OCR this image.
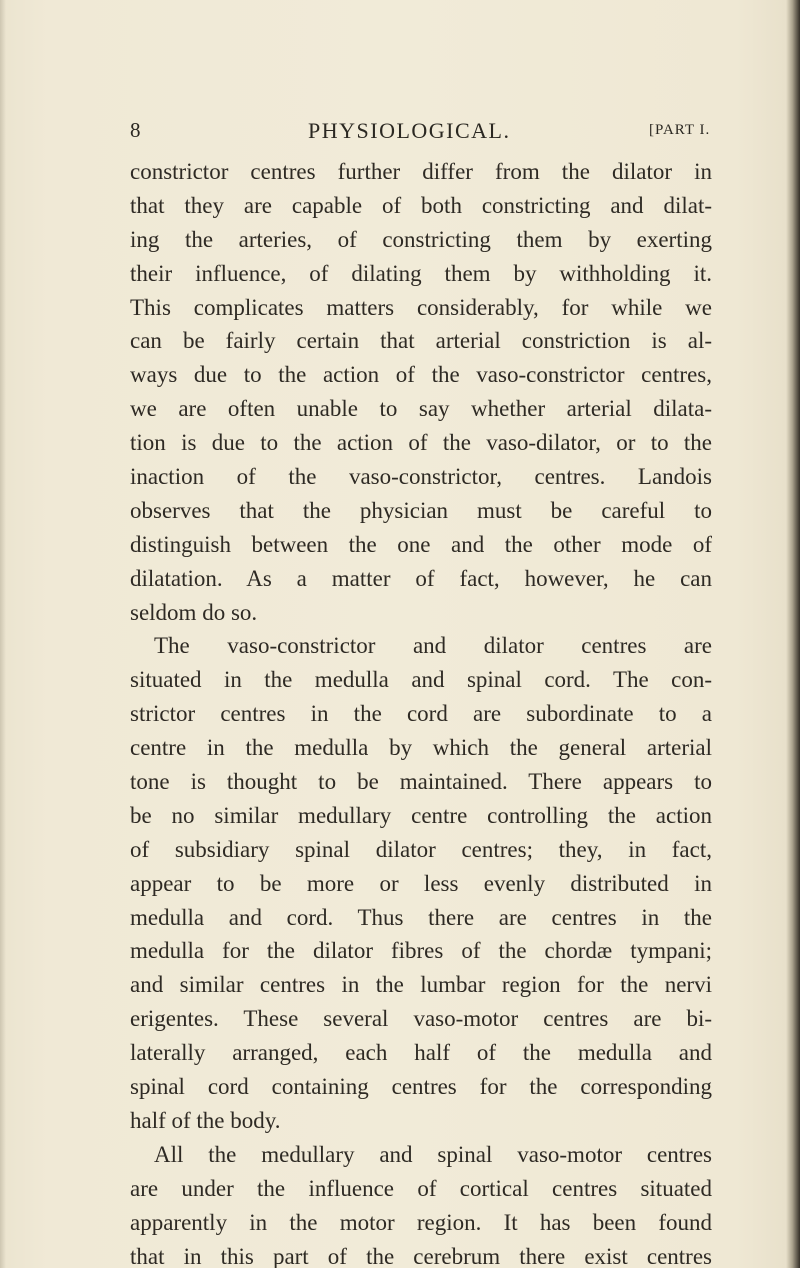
8	PHYSIOLOGICAL.	[PART I.
constrictor centres further differ from the dilator in
that they are capable of both constricting and dilat-
ing the arteries, of constricting them by exerting
their influence, of dilating them by withholding it.
This complicates matters considerably, for while we
can be fairly certain that arterial constriction is al-
ways due to the action of the vaso-constrictor centres,
we are often unable to say whether arterial dilata-
tion is due to the action of the vaso-dilator, or to the
inaction of the vaso-constrictor, centres. Landois
observes that the physician must be careful to
distinguish between the one and the other mode of
dilatation. As a matter of fact, however, he can
seldom do so.
The vaso-constrictor and dilator centres are
situated in the medulla and spinal cord. The con-
strictor centres in the cord are subordinate to a
centre in the medulla by which the general arterial
tone is thought to be maintained. There appears to
be no similar medullary centre controlling the action
of subsidiary spinal dilator centres; they, in fact,
appear to be more or less evenly distributed in
medulla and cord. Thus there are centres in the
medulla for the dilator fibres of the chordæ tympani;
and similar centres in the lumbar region for the nervi
erigentes. These several vaso-motor centres are bi-
laterally arranged, each half of the medulla and
spinal cord containing centres for the corresponding
half of the body.
All the medullary and spinal vaso-motor centres
are under the influence of cortical centres situated
apparently in the motor region. It has been found
that in this part of the cerebrum there exist centres
